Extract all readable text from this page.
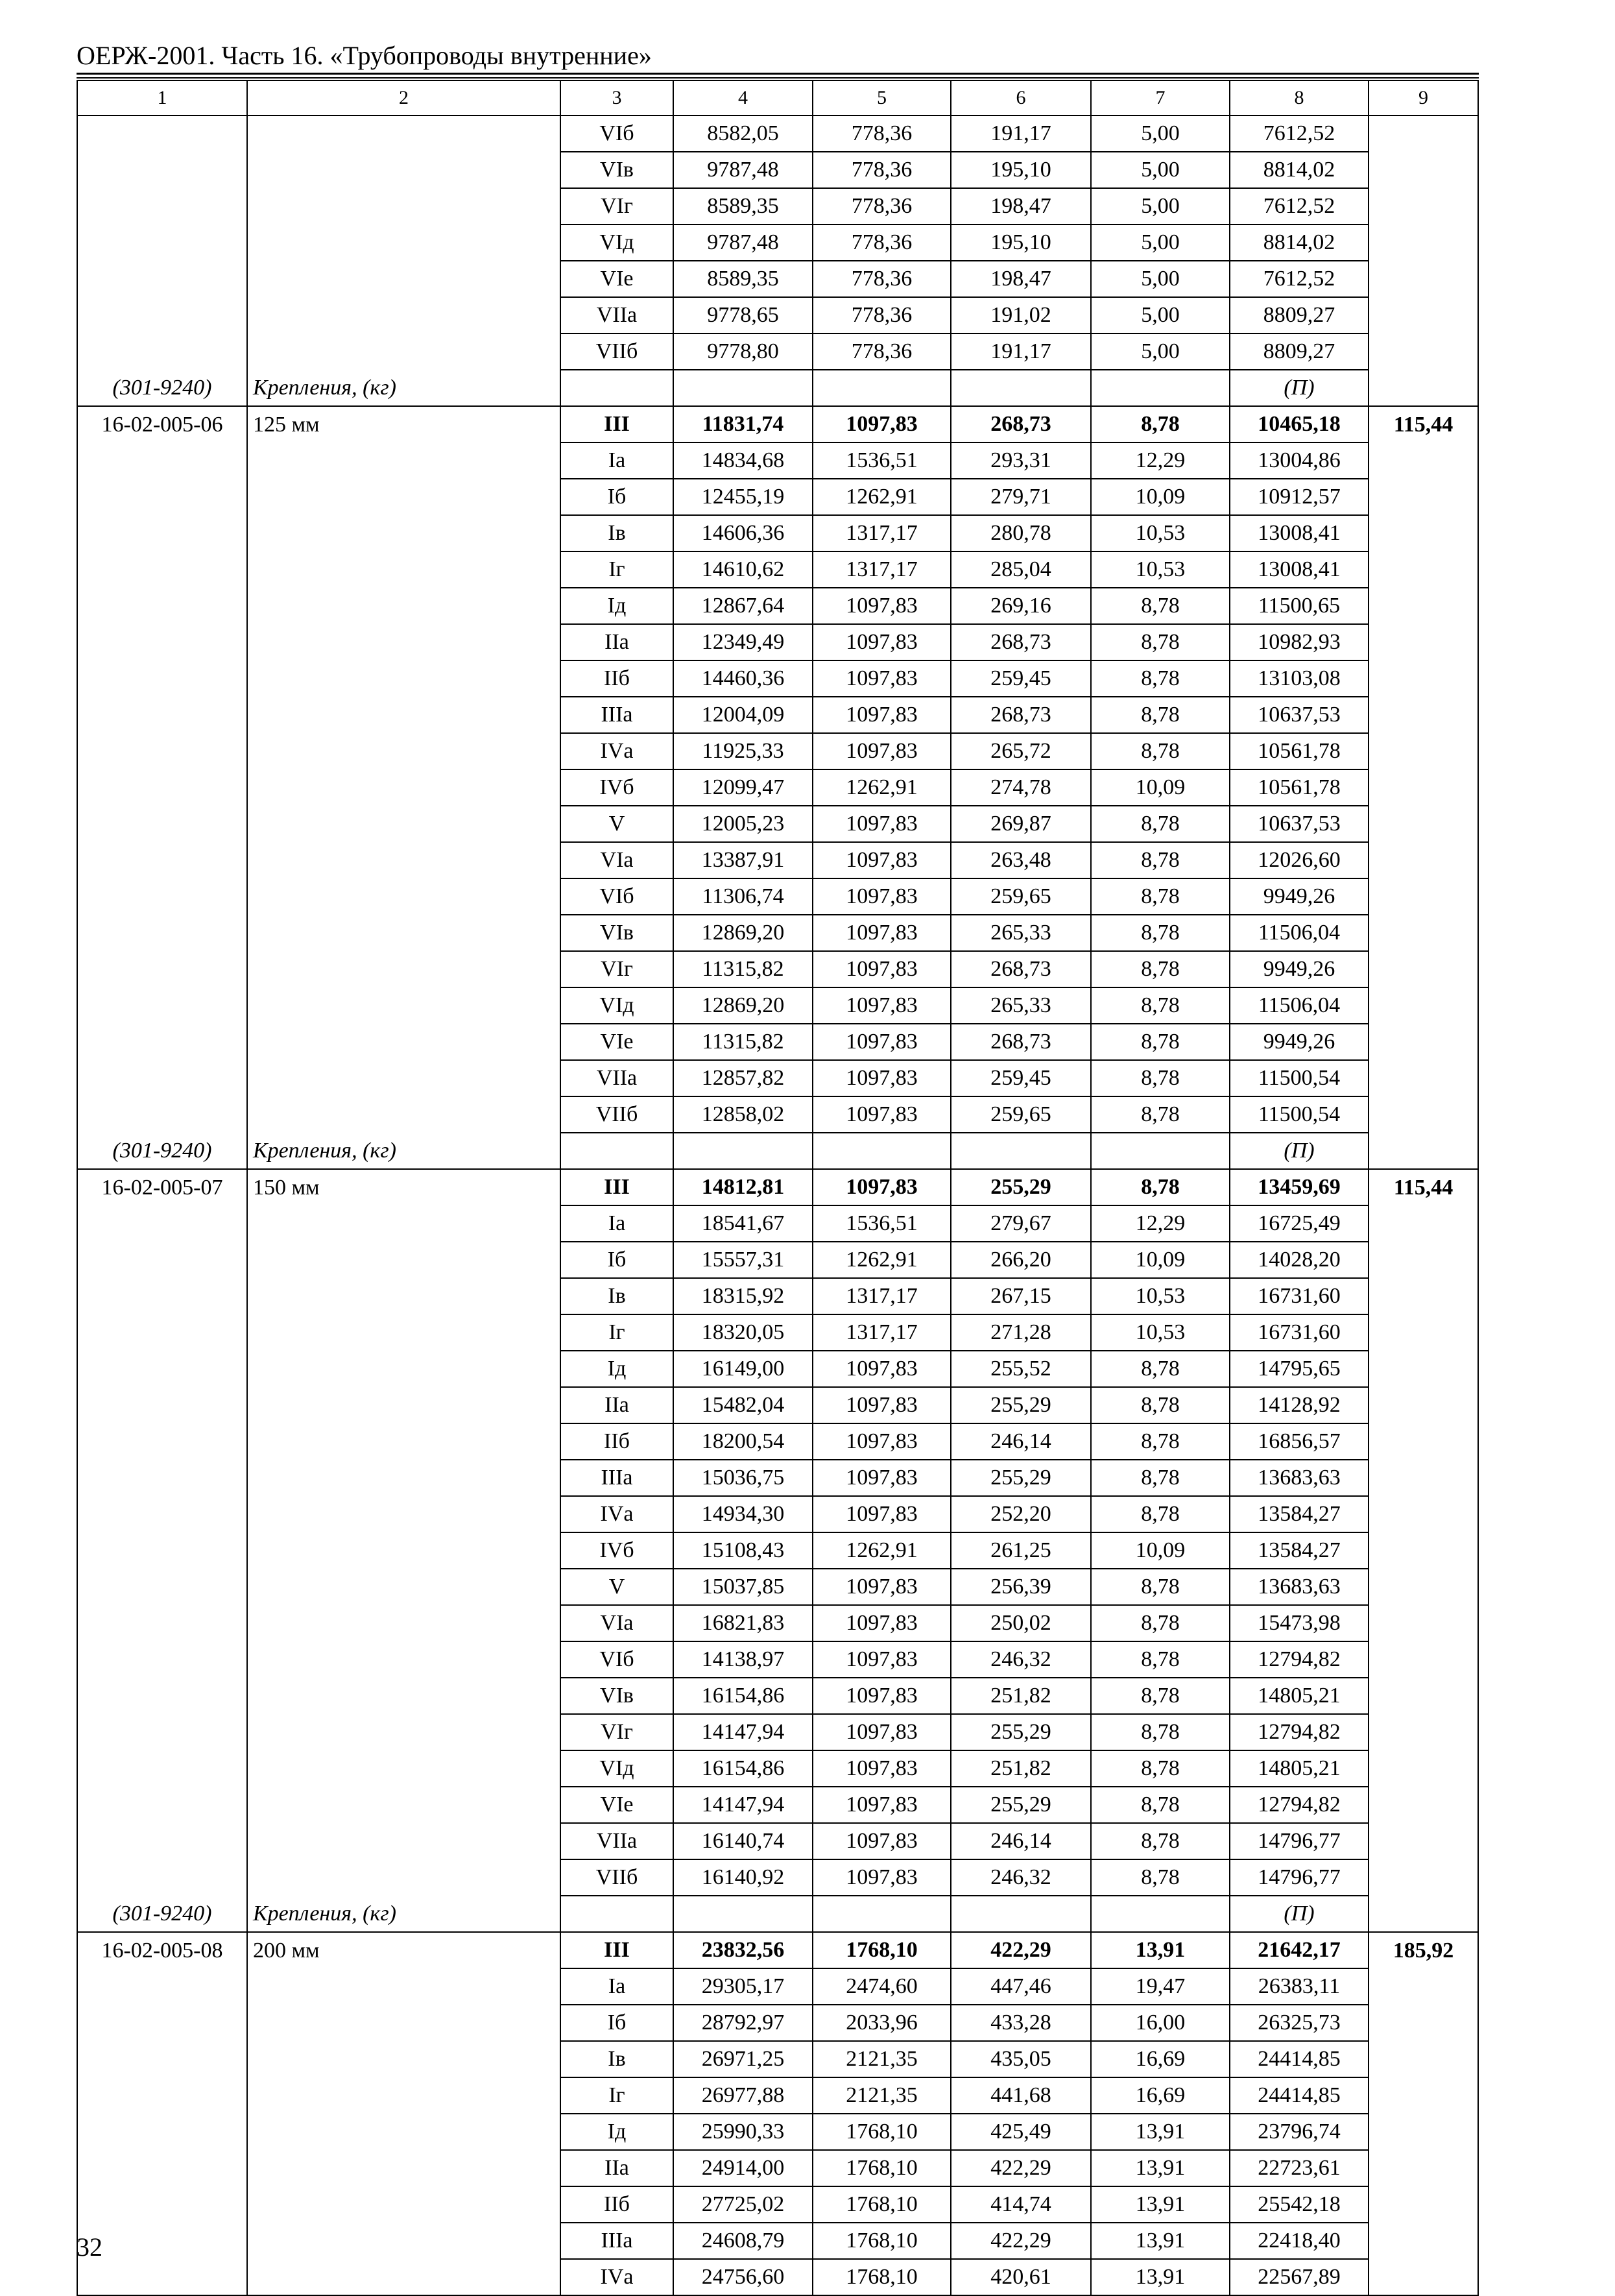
ОЕРЖ-2001. Часть 16. «Трубопроводы внутренние»
1	2	3	4	5	6	7	8	9
		VIб	8582,05	778,36	191,17	5,00	7612,52	
		VIв	9787,48	778,36	195,10	5,00	8814,02	
		VIг	8589,35	778,36	198,47	5,00	7612,52	
		VIд	9787,48	778,36	195,10	5,00	8814,02	
		VIе	8589,35	778,36	198,47	5,00	7612,52	
		VIIа	9778,65	778,36	191,02	5,00	8809,27	
		VIIб	9778,80	778,36	191,17	5,00	8809,27	
(301-9240)	Крепления, (кг)						(П)	
16-02-005-06	125 мм	III	11831,74	1097,83	268,73	8,78	10465,18	115,44
		Iа	14834,68	1536,51	293,31	12,29	13004,86	
		Iб	12455,19	1262,91	279,71	10,09	10912,57	
		Iв	14606,36	1317,17	280,78	10,53	13008,41	
		Iг	14610,62	1317,17	285,04	10,53	13008,41	
		Iд	12867,64	1097,83	269,16	8,78	11500,65	
		IIа	12349,49	1097,83	268,73	8,78	10982,93	
		IIб	14460,36	1097,83	259,45	8,78	13103,08	
		IIIа	12004,09	1097,83	268,73	8,78	10637,53	
		IVа	11925,33	1097,83	265,72	8,78	10561,78	
		IVб	12099,47	1262,91	274,78	10,09	10561,78	
		V	12005,23	1097,83	269,87	8,78	10637,53	
		VIа	13387,91	1097,83	263,48	8,78	12026,60	
		VIб	11306,74	1097,83	259,65	8,78	9949,26	
		VIв	12869,20	1097,83	265,33	8,78	11506,04	
		VIг	11315,82	1097,83	268,73	8,78	9949,26	
		VIд	12869,20	1097,83	265,33	8,78	11506,04	
		VIе	11315,82	1097,83	268,73	8,78	9949,26	
		VIIа	12857,82	1097,83	259,45	8,78	11500,54	
		VIIб	12858,02	1097,83	259,65	8,78	11500,54	
(301-9240)	Крепления, (кг)						(П)	
16-02-005-07	150 мм	III	14812,81	1097,83	255,29	8,78	13459,69	115,44
		Iа	18541,67	1536,51	279,67	12,29	16725,49	
		Iб	15557,31	1262,91	266,20	10,09	14028,20	
		Iв	18315,92	1317,17	267,15	10,53	16731,60	
		Iг	18320,05	1317,17	271,28	10,53	16731,60	
		Iд	16149,00	1097,83	255,52	8,78	14795,65	
		IIа	15482,04	1097,83	255,29	8,78	14128,92	
		IIб	18200,54	1097,83	246,14	8,78	16856,57	
		IIIа	15036,75	1097,83	255,29	8,78	13683,63	
		IVа	14934,30	1097,83	252,20	8,78	13584,27	
		IVб	15108,43	1262,91	261,25	10,09	13584,27	
		V	15037,85	1097,83	256,39	8,78	13683,63	
		VIа	16821,83	1097,83	250,02	8,78	15473,98	
		VIб	14138,97	1097,83	246,32	8,78	12794,82	
		VIв	16154,86	1097,83	251,82	8,78	14805,21	
		VIг	14147,94	1097,83	255,29	8,78	12794,82	
		VIд	16154,86	1097,83	251,82	8,78	14805,21	
		VIе	14147,94	1097,83	255,29	8,78	12794,82	
		VIIа	16140,74	1097,83	246,14	8,78	14796,77	
		VIIб	16140,92	1097,83	246,32	8,78	14796,77	
(301-9240)	Крепления, (кг)						(П)	
16-02-005-08	200 мм	III	23832,56	1768,10	422,29	13,91	21642,17	185,92
		Iа	29305,17	2474,60	447,46	19,47	26383,11	
		Iб	28792,97	2033,96	433,28	16,00	26325,73	
		Iв	26971,25	2121,35	435,05	16,69	24414,85	
		Iг	26977,88	2121,35	441,68	16,69	24414,85	
		Iд	25990,33	1768,10	425,49	13,91	23796,74	
		IIа	24914,00	1768,10	422,29	13,91	22723,61	
		IIб	27725,02	1768,10	414,74	13,91	25542,18	
		IIIа	24608,79	1768,10	422,29	13,91	22418,40	
		IVа	24756,60	1768,10	420,61	13,91	22567,89	
32
